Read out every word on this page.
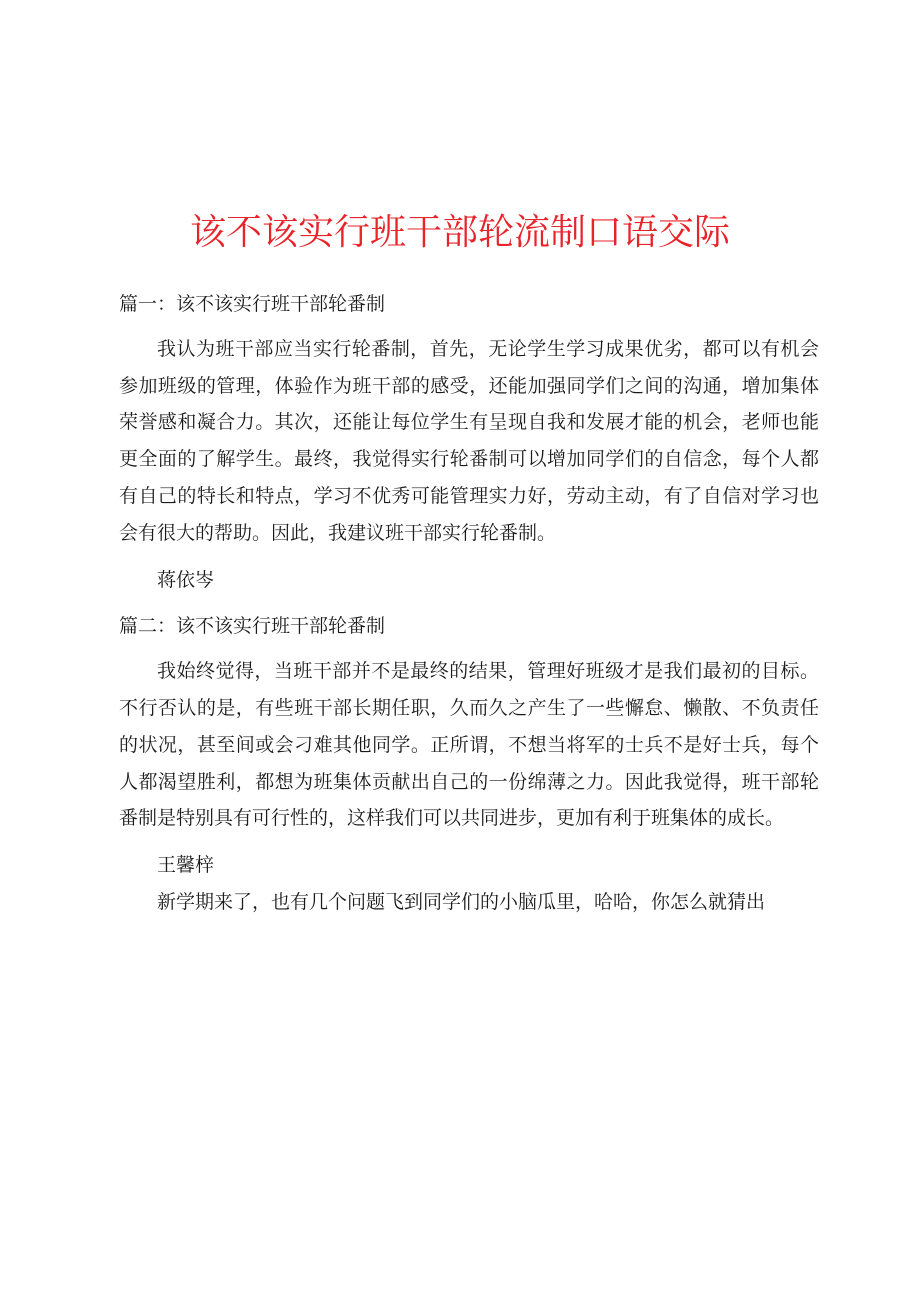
该不该实行班干部轮流制口语交际

篇一：该不该实行班干部轮番制

我认为班干部应当实行轮番制，首先，无论学生学习成果优劣，都可以有机会参加班级的管理，体验作为班干部的感受，还能加强同学们之间的沟通，增加集体荣誉感和凝合力。其次，还能让每位学生有呈现自我和发展才能的机会，老师也能更全面的了解学生。最终，我觉得实行轮番制可以增加同学们的自信念，每个人都有自己的特长和特点，学习不优秀可能管理实力好，劳动主动，有了自信对学习也会有很大的帮助。因此，我建议班干部实行轮番制。

蒋依岑

篇二：该不该实行班干部轮番制

我始终觉得，当班干部并不是最终的结果，管理好班级才是我们最初的目标。不行否认的是，有些班干部长期任职，久而久之产生了一些懈怠、懒散、不负责任的状况，甚至间或会刁难其他同学。正所谓，不想当将军的士兵不是好士兵，每个人都渴望胜利，都想为班集体贡献出自己的一份绵薄之力。因此我觉得，班干部轮番制是特别具有可行性的，这样我们可以共同进步，更加有利于班集体的成长。

王馨梓

新学期来了，也有几个问题飞到同学们的小脑瓜里，哈哈，你怎么就猜出
